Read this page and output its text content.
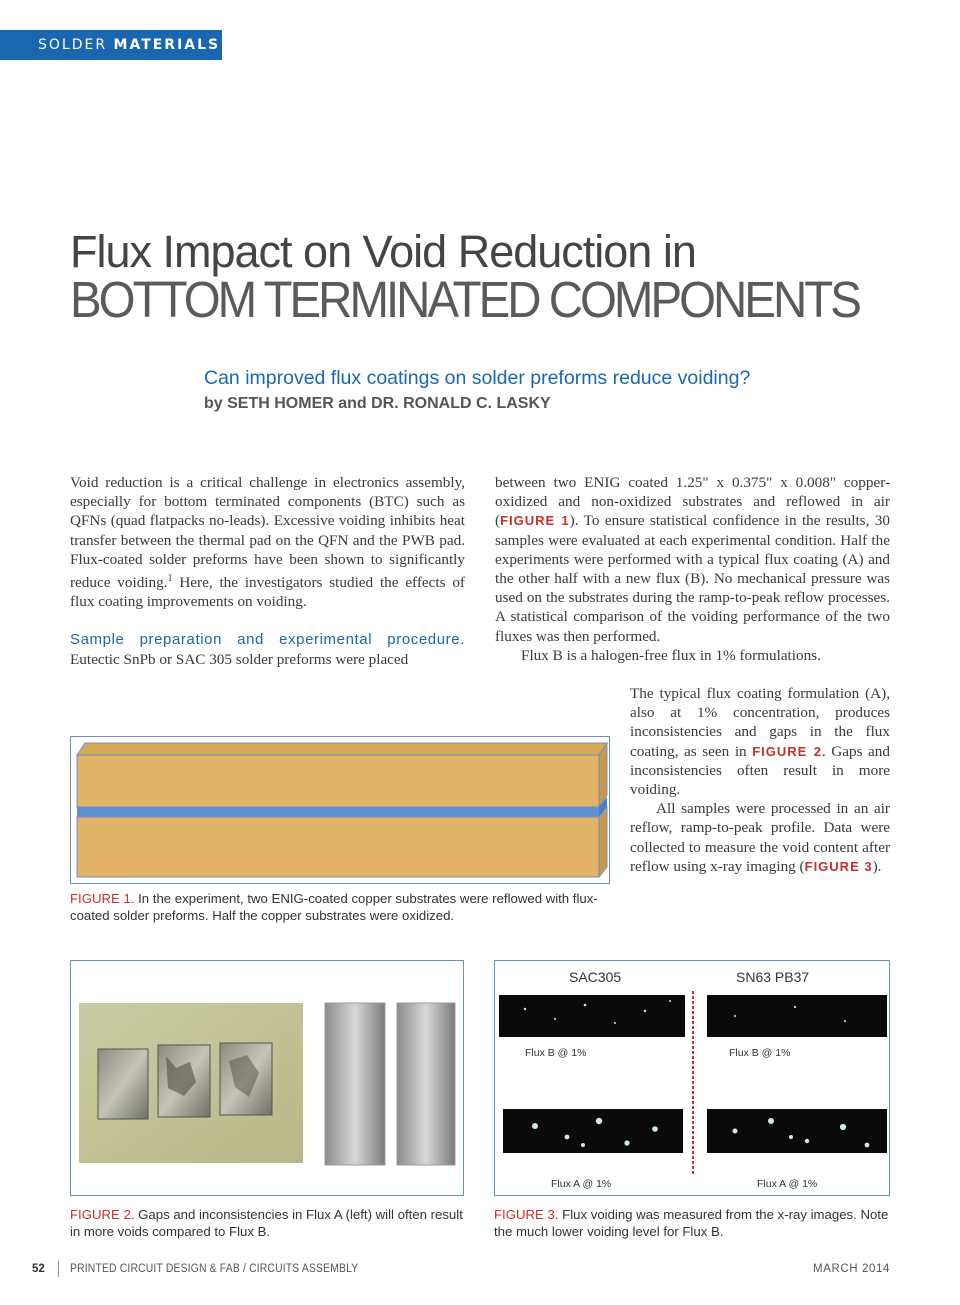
SOLDER MATERIALS
Flux Impact on Void Reduction in
BOTTOM TERMINATED COMPONENTS
Can improved flux coatings on solder preforms reduce voiding? by SETH HOMER and DR. RONALD C. LASKY

Void reduction is a critical challenge in electronics assembly, especially for bottom terminated components (BTC) such as QFNs (quad flatpacks no-leads). Excessive voiding inhibits heat transfer between the thermal pad on the QFN and the PWB pad. Flux-coated solder preforms have been shown to significantly reduce voiding.$^1$ Here, the investigators studied the effects of flux coating improvements on voiding.

Sample preparation and experimental procedure. Eutectic SnPb or SAC 305 solder preforms were placed

between two ENIG coated 1.25" x 0.375" x 0.008" copper-oxidized and non-oxidized substrates and reflowed in air (FIGURE 1). To ensure statistical confidence in the results, 30 samples were evaluated at each experimental condition. Half the experiments were performed with a typical flux coating (A) and the other half with a new flux (B). No mechanical pressure was used on the substrates during the ramp-to-peak reflow processes. A statistical comparison of the voiding performance of the two fluxes was then performed.

Flux B is a halogen-free flux in 1% formulations.

The typical flux coating formulation (A), also at 1% concentration, produces inconsistencies and gaps in the flux coating, as seen in FIGURE 2. Gaps and inconsistencies often result in more voiding.

All samples were processed in an air reflow, ramp-to-peak profile. Data were collected to measure the void content after reflow using x-ray imaging (FIGURE 3).

FIGURE 1. In the experiment, two ENIG-coated copper substrates were reflowed with flux-coated solder preforms. Half the copper substrates were oxidized.
FIGURE 2. Gaps and inconsistencies in Flux A (left) will often result in more voids compared to Flux B.
SAC305	SN63 PB37
Flux B @ 1%	Flux B @ 1%
Flux A @ 1%	Flux A @ 1%
FIGURE 3. Flux voiding was measured from the x-ray images. Note the much lower voiding level for Flux B.
52 PRINTED CIRCUIT DESIGN & FAB / CIRCUITS ASSEMBLY	MARCH 2014
